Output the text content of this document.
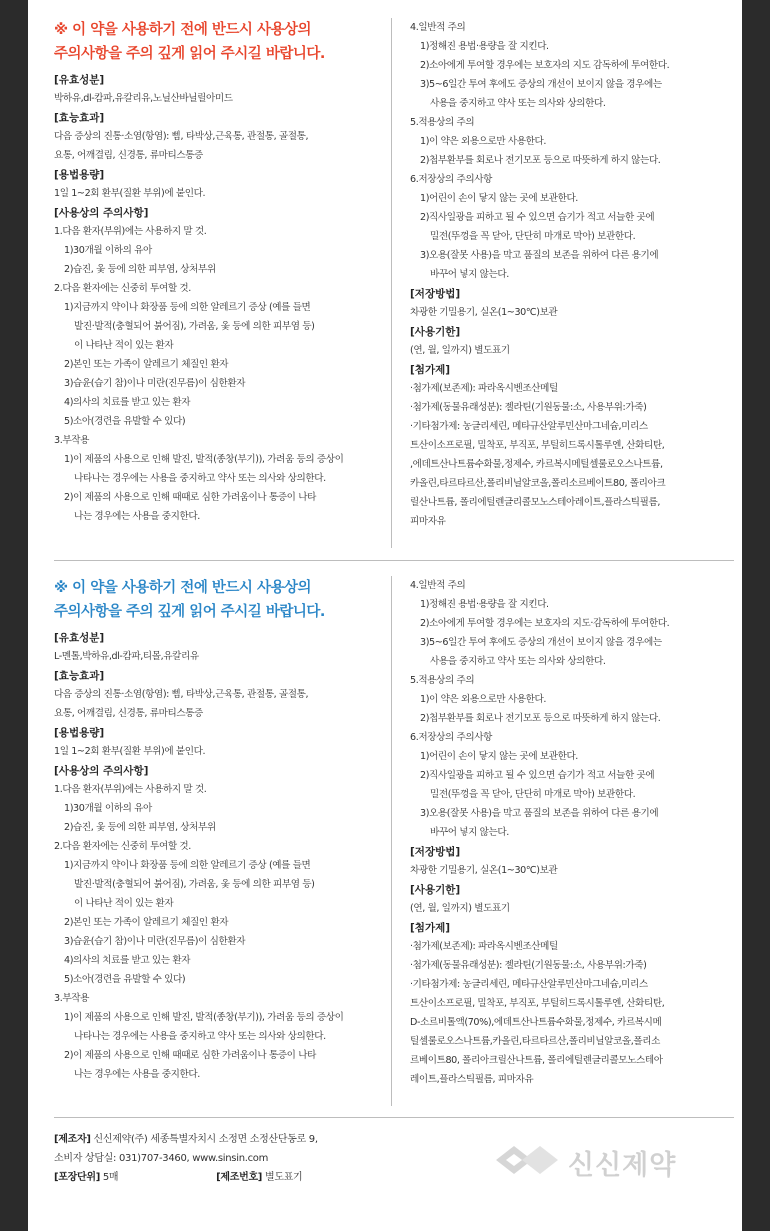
※ 이 약을 사용하기 전에 반드시 사용상의
주의사항을 주의 깊게 읽어 주시길 바랍니다.
[유효성분]
박하유,dl-캄파,유칼리유,노닐산바닐릴아미드
[효능효과]
다음 증상의 진통·소염(항염): 삠, 타박상,근육통, 관절통, 골절통,
요통, 어깨결림, 신경통, 류마티스통증
[용법용량]
1일 1~2회 환부(질환 부위)에 붙인다.
[사용상의 주의사항]
1.다음 환자(부위)에는 사용하지 말 것.
1)30개월 이하의 유아
2)습진, 옻 등에 의한 피부염, 상처부위
2.다음 환자에는 신중히 투여할 것.
1)지금까지 약이나 화장품 등에 의한 알레르기 증상 (예를 들면
발진·발적(충혈되어 붉어짐), 가려움, 옻 등에 의한 피부염 등)
이 나타난 적이 있는 환자
2)본인 또는 가족이 알레르기 체질인 환자
3)습윤(습기 참)이나 미란(진무름)이 심한환자
4)의사의 치료를 받고 있는 환자
5)소아(경련을 유발할 수 있다)
3.부작용
1)이 제품의 사용으로 인해 발진, 발적(종창(부기)), 가려움 등의 증상이
나타나는 경우에는 사용을 중지하고 약사 또는 의사와 상의한다.
2)이 제품의 사용으로 인해 때때로 심한 가려움이나 통증이 나타
나는 경우에는 사용을 중지한다.
4.일반적 주의
1)정해진 용법·용량을 잘 지킨다.
2)소아에게 투여할 경우에는 보호자의 지도 감독하에 투여한다.
3)5~6일간 투여 후에도 증상의 개선이 보이지 않을 경우에는
사용을 중지하고 약사 또는 의사와 상의한다.
5.적용상의 주의
1)이 약은 외용으로만 사용한다.
2)첩부환부를 회로나 전기모포 등으로 따뜻하게 하지 않는다.
6.저장상의 주의사항
1)어린이 손이 닿지 않는 곳에 보관한다.
2)직사일광을 피하고 될 수 있으면 습기가 적고 서늘한 곳에
밀전(뚜껑을 꼭 닫아, 단단히 마개로 막아) 보관한다.
3)오용(잘못 사용)을 막고 품질의 보존을 위하여 다른 용기에
바꾸어 넣지 않는다.
[저장방법]
차광한 기밀용기, 실온(1~30℃)보관
[사용기한]
(연, 월, 일까지) 별도표기
[첨가제]
·첨가제(보존제): 파라옥시벤조산메틸
·첨가제(동물유래성분): 젤라틴(기원동물:소, 사용부위:가죽)
·기타첨가제: 농글리세린, 메타규산알루민산마그네슘,미리스
트산이소프로필, 밀착포, 부직포, 부틸히드록시톨루엔, 산화티탄,
,에데트산나트륨수화물,정제수, 카르복시메틸셀룰로오스나트륨,
카올린,타르타르산,폴리비닐알코올,폴리소르베이트80, 폴리아크
릴산나트륨, 폴리에틸렌글리콜모노스테아레이트,플라스틱필름,
피마자유
※ 이 약을 사용하기 전에 반드시 사용상의
주의사항을 주의 깊게 읽어 주시길 바랍니다.
[유효성분]
L-멘톨,박하유,dl-캄파,티몰,유칼리유
[효능효과]
다음 증상의 진통·소염(항염): 삠, 타박상,근육통, 관절통, 골절통,
요통, 어깨결림, 신경통, 류마티스통증
[용법용량]
1일 1~2회 환부(질환 부위)에 붙인다.
[사용상의 주의사항]
1.다음 환자(부위)에는 사용하지 말 것.
1)30개월 이하의 유아
2)습진, 옻 등에 의한 피부염, 상처부위
2.다음 환자에는 신중히 투여할 것.
1)지금까지 약이나 화장품 등에 의한 알레르기 증상 (예를 들면
발진·발적(충혈되어 붉어짐), 가려움, 옻 등에 의한 피부염 등)
이 나타난 적이 있는 환자
2)본인 또는 가족이 알레르기 체질인 환자
3)습윤(습기 참)이나 미란(진무름)이 심한환자
4)의사의 치료를 받고 있는 환자
5)소아(경련을 유발할 수 있다)
3.부작용
1)이 제품의 사용으로 인해 발진, 발적(종창(부기)), 가려움 등의 증상이
나타나는 경우에는 사용을 중지하고 약사 또는 의사와 상의한다.
2)이 제품의 사용으로 인해 때때로 심한 가려움이나 통증이 나타
나는 경우에는 사용을 중지한다.
4.일반적 주의
1)정해진 용법·용량을 잘 지킨다.
2)소아에게 투여할 경우에는 보호자의 지도·감독하에 투여한다.
3)5~6일간 투여 후에도 증상의 개선이 보이지 않을 경우에는
사용을 중지하고 약사 또는 의사와 상의한다.
5.적용상의 주의
1)이 약은 외용으로만 사용한다.
2)첩부환부를 회로나 전기모포 등으로 따뜻하게 하지 않는다.
6.저장상의 주의사항
1)어린이 손이 닿지 않는 곳에 보관한다.
2)직사일광을 피하고 될 수 있으면 습기가 적고 서늘한 곳에
밀전(뚜껑을 꼭 닫아, 단단히 마개로 막아) 보관한다.
3)오용(잘못 사용)을 막고 품질의 보존을 위하여 다른 용기에
바꾸어 넣지 않는다.
[저장방법]
차광한 기밀용기, 실온(1~30℃)보관
[사용기한]
(연, 월, 일까지) 별도표기
[첨가제]
·첨가제(보존제): 파라옥시벤조산메틸
·첨가제(동물유래성분): 젤라틴(기원동물:소, 사용부위:가죽)
·기타첨가제: 농글리세린, 메타규산알루민산마그네슘,미리스
트산이소프로필, 밀착포, 부직포, 부틸히드록시톨루엔, 산화티탄,
D-소르비톨액(70%),에데트산나트륨수화물,정제수, 카르복시메
틸셀룰로오스나트륨,카올린,타르타르산,폴리비닐알코올,폴리소
르베이트80, 폴리아크릴산나트륨, 폴리에틸렌글리콜모노스테아
레이트,플라스틱필름, 피마자유
[제조자] 신신제약(주) 세종특별자치시 소정면 소정산단동로 9,
소비자 상담실: 031)707-3460, www.sinsin.com
[포장단위] 5매	[제조번호] 별도표기	신신제약
